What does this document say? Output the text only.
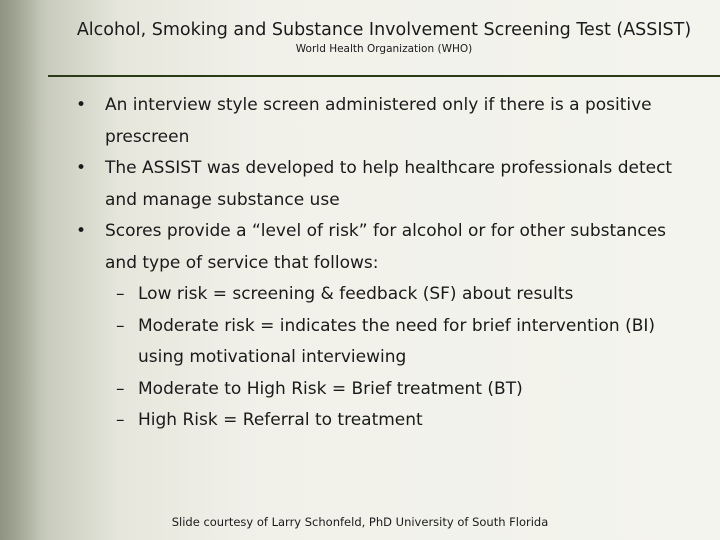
Alcohol, Smoking and Substance Involvement Screening Test (ASSIST)
World Health Organization (WHO)
• An interview style screen administered only if there is a positive prescreen
• The ASSIST was developed to help healthcare professionals detect and manage substance use
• Scores provide a “level of risk” for alcohol or for other substances and type of service that follows:
– Low risk = screening & feedback (SF) about results
– Moderate risk = indicates the need for brief intervention (BI) using motivational interviewing
– Moderate to High Risk = Brief treatment (BT)
– High Risk = Referral to treatment
Slide courtesy of Larry Schonfeld, PhD University of South Florida
